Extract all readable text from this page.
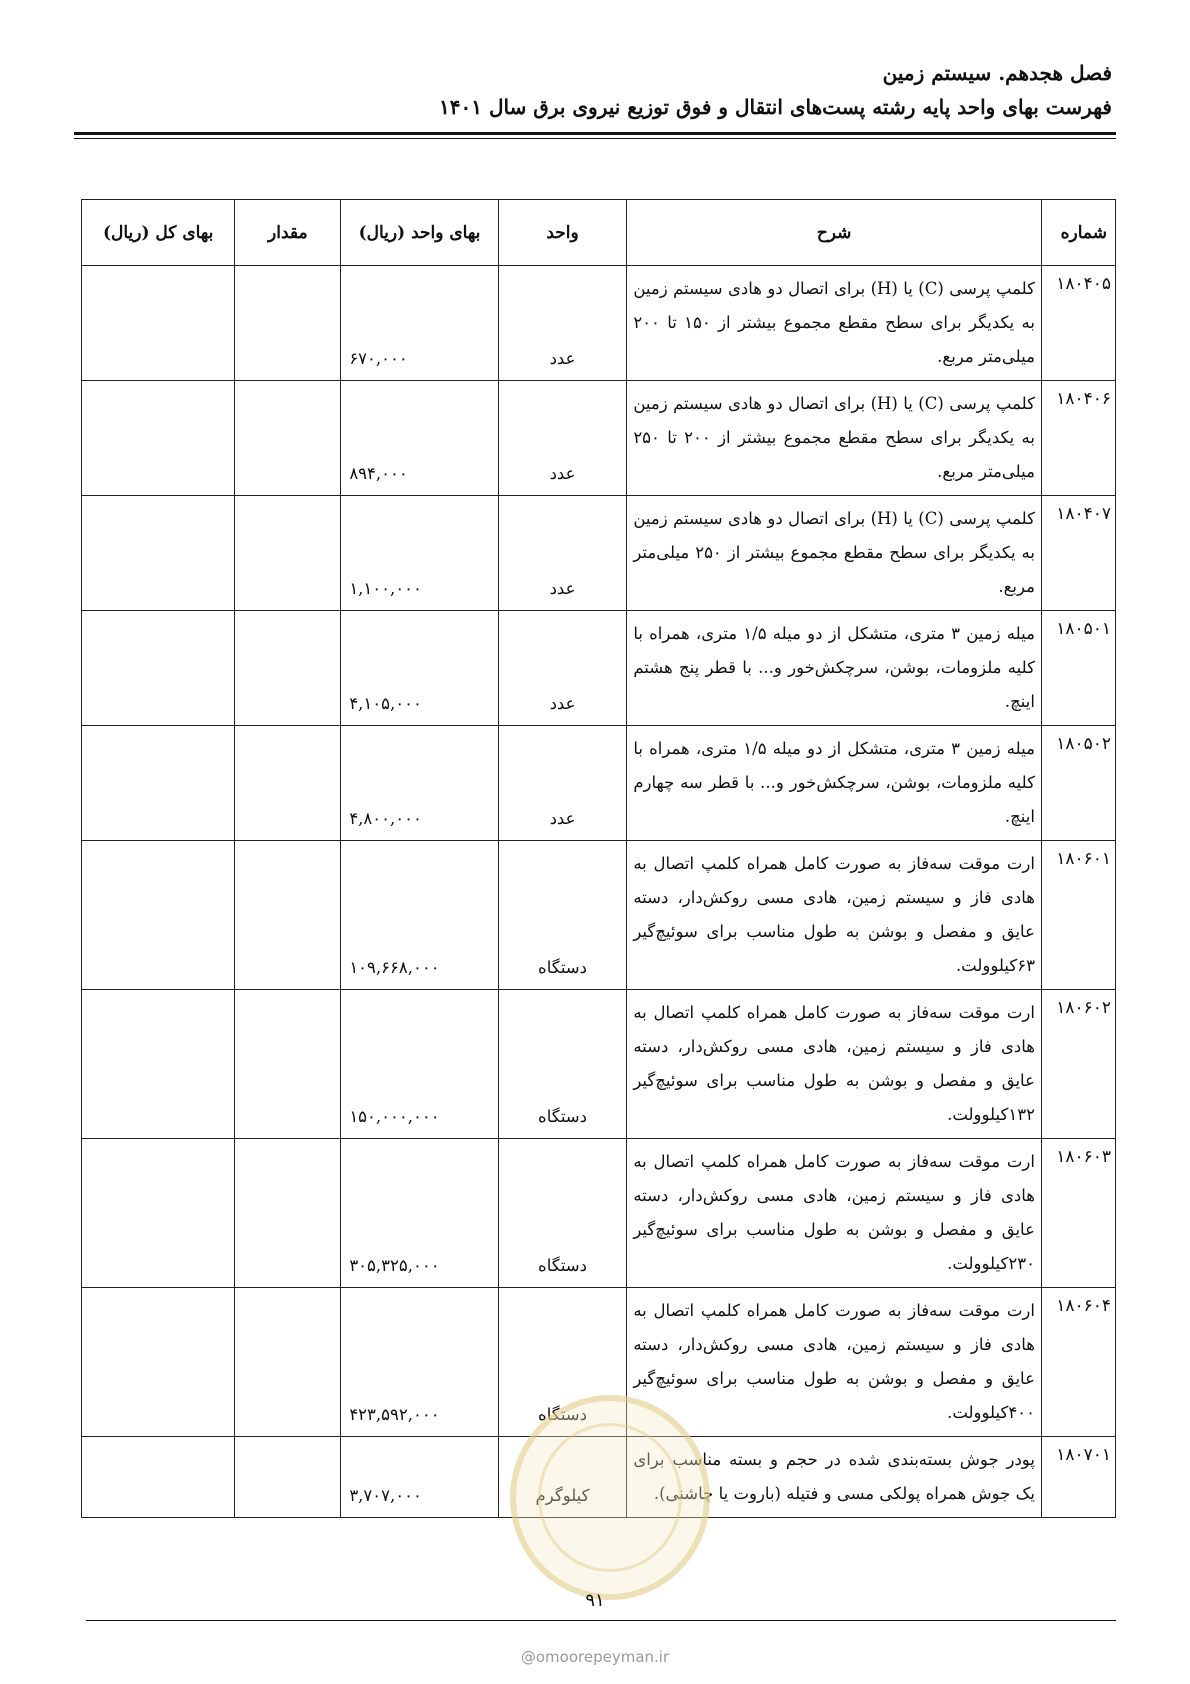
فصل هجدهم. سیستم زمین
فهرست بهای واحد پایه رشته پست‌های انتقال و فوق توزیع نیروی برق سال ۱۴۰۱
شماره	شرح	واحد	بهای واحد (ریال)	مقدار	بهای کل (ریال)
۱۸۰۴۰۵	کلمپ پرسی (C) یا (H) برای اتصال دو هادی سیستم زمین به یکدیگر برای سطح مقطع مجموع بیشتر از ۱۵۰ تا ۲۰۰ میلی‌متر مربع.	عدد	۶۷۰,۰۰۰		
۱۸۰۴۰۶	کلمپ پرسی (C) یا (H) برای اتصال دو هادی سیستم زمین به یکدیگر برای سطح مقطع مجموع بیشتر از ۲۰۰ تا ۲۵۰ میلی‌متر مربع.	عدد	۸۹۴,۰۰۰		
۱۸۰۴۰۷	کلمپ پرسی (C) یا (H) برای اتصال دو هادی سیستم زمین به یکدیگر برای سطح مقطع مجموع بیشتر از ۲۵۰ میلی‌متر مربع.	عدد	۱,۱۰۰,۰۰۰		
۱۸۰۵۰۱	میله زمین ۳ متری، متشکل از دو میله ۱/۵ متری، همراه با کلیه ملزومات، بوشن، سرچکش‌خور و... با قطر پنج هشتم اینچ.	عدد	۴,۱۰۵,۰۰۰		
۱۸۰۵۰۲	میله زمین ۳ متری، متشکل از دو میله ۱/۵ متری، همراه با کلیه ملزومات، بوشن، سرچکش‌خور و... با قطر سه چهارم اینچ.	عدد	۴,۸۰۰,۰۰۰		
۱۸۰۶۰۱	ارت موقت سه‌فاز به صورت کامل همراه کلمپ اتصال به هادی فاز و سیستم زمین، هادی مسی روکش‌دار، دسته عایق و مفصل و بوشن به طول مناسب برای سوئیچ‌گیر ۶۳کیلوولت.	دستگاه	۱۰۹,۶۶۸,۰۰۰		
۱۸۰۶۰۲	ارت موقت سه‌فاز به صورت کامل همراه کلمپ اتصال به هادی فاز و سیستم زمین، هادی مسی روکش‌دار، دسته عایق و مفصل و بوشن به طول مناسب برای سوئیچ‌گیر ۱۳۲کیلوولت.	دستگاه	۱۵۰,۰۰۰,۰۰۰		
۱۸۰۶۰۳	ارت موقت سه‌فاز به صورت کامل همراه کلمپ اتصال به هادی فاز و سیستم زمین، هادی مسی روکش‌دار، دسته عایق و مفصل و بوشن به طول مناسب برای سوئیچ‌گیر ۲۳۰کیلوولت.	دستگاه	۳۰۵,۳۲۵,۰۰۰		
۱۸۰۶۰۴	ارت موقت سه‌فاز به صورت کامل همراه کلمپ اتصال به هادی فاز و سیستم زمین، هادی مسی روکش‌دار، دسته عایق و مفصل و بوشن به طول مناسب برای سوئیچ‌گیر ۴۰۰کیلوولت.	دستگاه	۴۲۳,۵۹۲,۰۰۰		
۱۸۰۷۰۱	پودر جوش بسته‌بندی شده در حجم و بسته مناسب برای یک جوش همراه پولکی مسی و فتیله (باروت یا چاشنی).	کیلوگرم	۳,۷۰۷,۰۰۰		
۹۱
@omoorepeyman.ir
